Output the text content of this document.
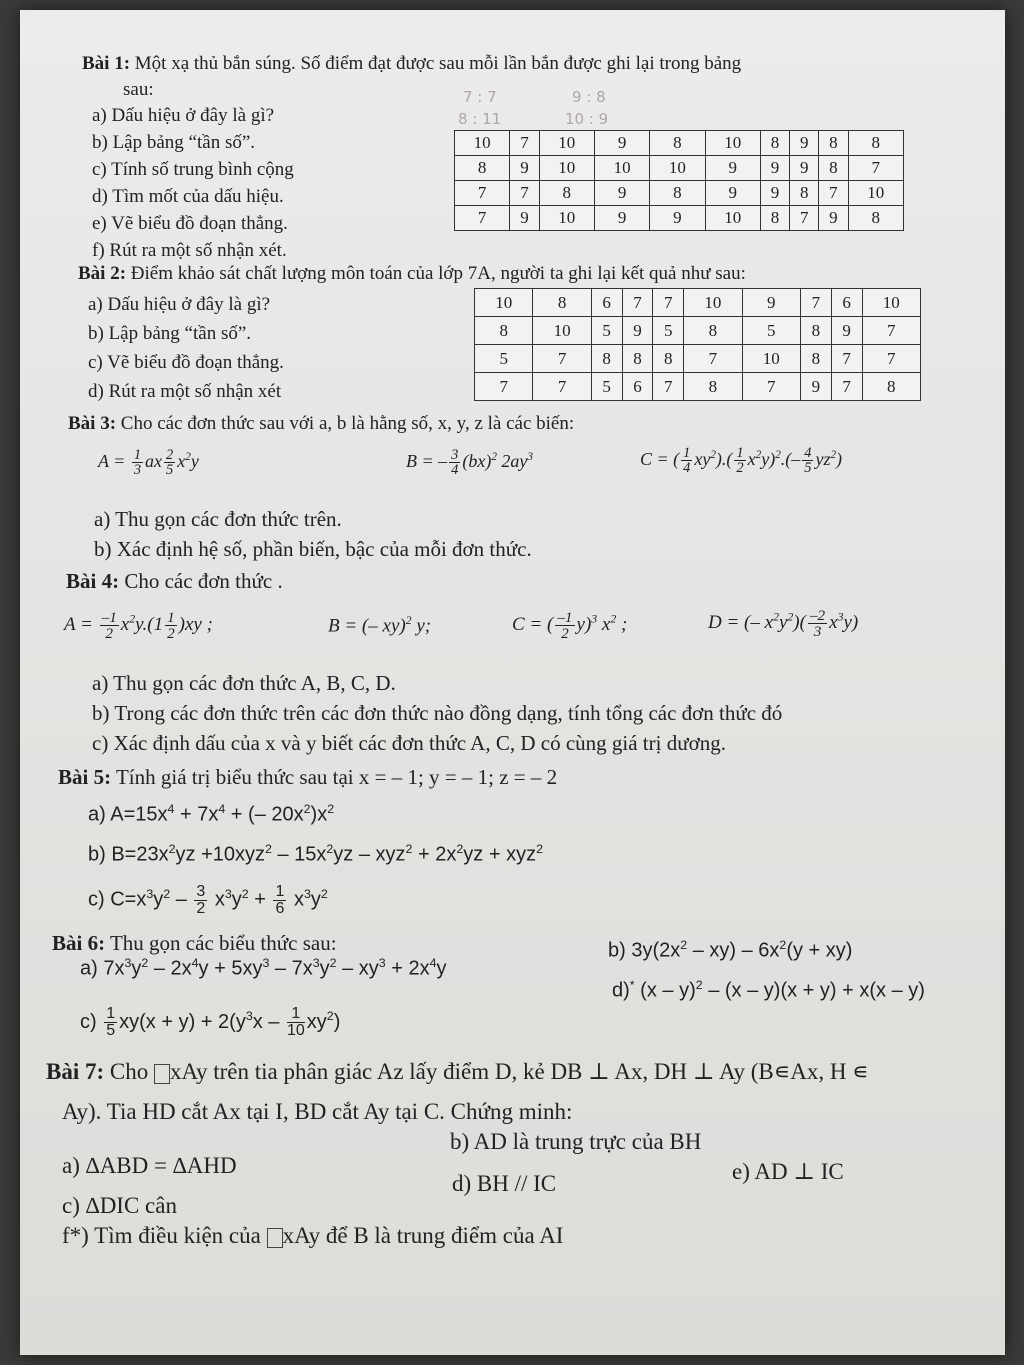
Bài 1: Một xạ thủ bắn súng. Số điểm đạt được sau mỗi lần bắn được ghi lại trong bảng
sau:
a) Dấu hiệu ở đây là gì?
b) Lập bảng “tần số”.
c) Tính số trung bình cộng
d) Tìm mốt của dấu hiệu.
e) Vẽ biểu đồ đoạn thẳng.
f) Rút ra một số nhận xét.
7 : 7	9 : 8
8 : 11	10 : 9
10	7	10	9	8	10	8	9	8	8
8	9	10	10	10	9	9	9	8	7
7	7	8	9	8	9	9	8	7	10
7	9	10	9	9	10	8	7	9	8
Bài 2: Điểm khảo sát chất lượng môn toán của lớp 7A, người ta ghi lại kết quả như sau:
a) Dấu hiệu ở đây là gì?
b) Lập bảng “tần số”.
c) Vẽ biểu đồ đoạn thẳng.
d) Rút ra một số nhận xét
10	8	6	7	7	10	9	7	6	10
8	10	5	9	5	8	5	8	9	7
5	7	8	8	8	7	10	8	7	7
7	7	5	6	7	8	7	9	7	8
Bài 3: Cho các đơn thức sau với a, b là hằng số, x, y, z là các biến:
$A = \frac{1}{3}$ ax $\frac{2}{5} x^2y$	B = – $\frac{3}{4} (bx)^2$ $2ay^3$	C = ( $\frac{1}{4} xy^2).( \frac{1}{2} x^2y)^2.(- \frac{4}{5} yz^2)$
a) Thu gọn các đơn thức trên.
b) Xác định hệ số, phần biến, bậc của mỗi đơn thức.
Bài 4: Cho các đơn thức .
$A = \frac{-1}{2} x^2y.(1 \frac{1}{2} )xy$ ;	B = (– xy)$^2$ y;	C = ( $\frac{-1}{2} y)^3$ $x^2$ ;	D = (– $x^2y^2)( \frac{-2}{3} x^3y)$
a) Thu gọn các đơn thức A, B, C, D.
b) Trong các đơn thức trên các đơn thức nào đồng dạng, tính tổng các đơn thức đó
c) Xác định dấu của x và y biết các đơn thức A, C, D có cùng giá trị dương.
Bài 5: Tính giá trị biểu thức sau tại x = – 1; y = – 1; z = – 2
a) $A=15x^4 + 7x^4$ + (– $20x^2)x^2$
b) $B=23x^2yz +10xyz^2 - 15x^2yz - xyz^2 + 2x^2yz + xyz^2$
c) $C=x^3y^2 - \frac{3}{2} x^3y^2 + \frac{1}{6} x^3y^2$
Bài 6: Thu gọn các biểu thức sau:
a) $7x^3y^2 - 2x^4y + 5xy^3 - 7x^3y^2 - xy^3 + 2x^4y$
b) $3y(2x^2 - xy) - 6x^2(y + xy)$
$c) \frac{1}{5} xy(x + y) + 2(y^3x - \frac{1}{10} xy^2)$
d)* (x – y)$^2$ – (x – y)(x + y) + x(x – y)
Bài 7: Cho xAy trên tia phân giác Az lấy điểm D, kẻ DB ⊥ Ax, DH ⊥ Ay (B∊Ax, H ∊
Ay). Tia HD cắt Ax tại I, BD cắt Ay tại C. Chứng minh:
a) ∆ABD = ∆AHD
b) AD là trung trực của BH
c) ∆DIC cân
d) BH // IC	e) AD ⊥ IC
f*) Tìm điều kiện của xAy để B là trung điểm của AI
